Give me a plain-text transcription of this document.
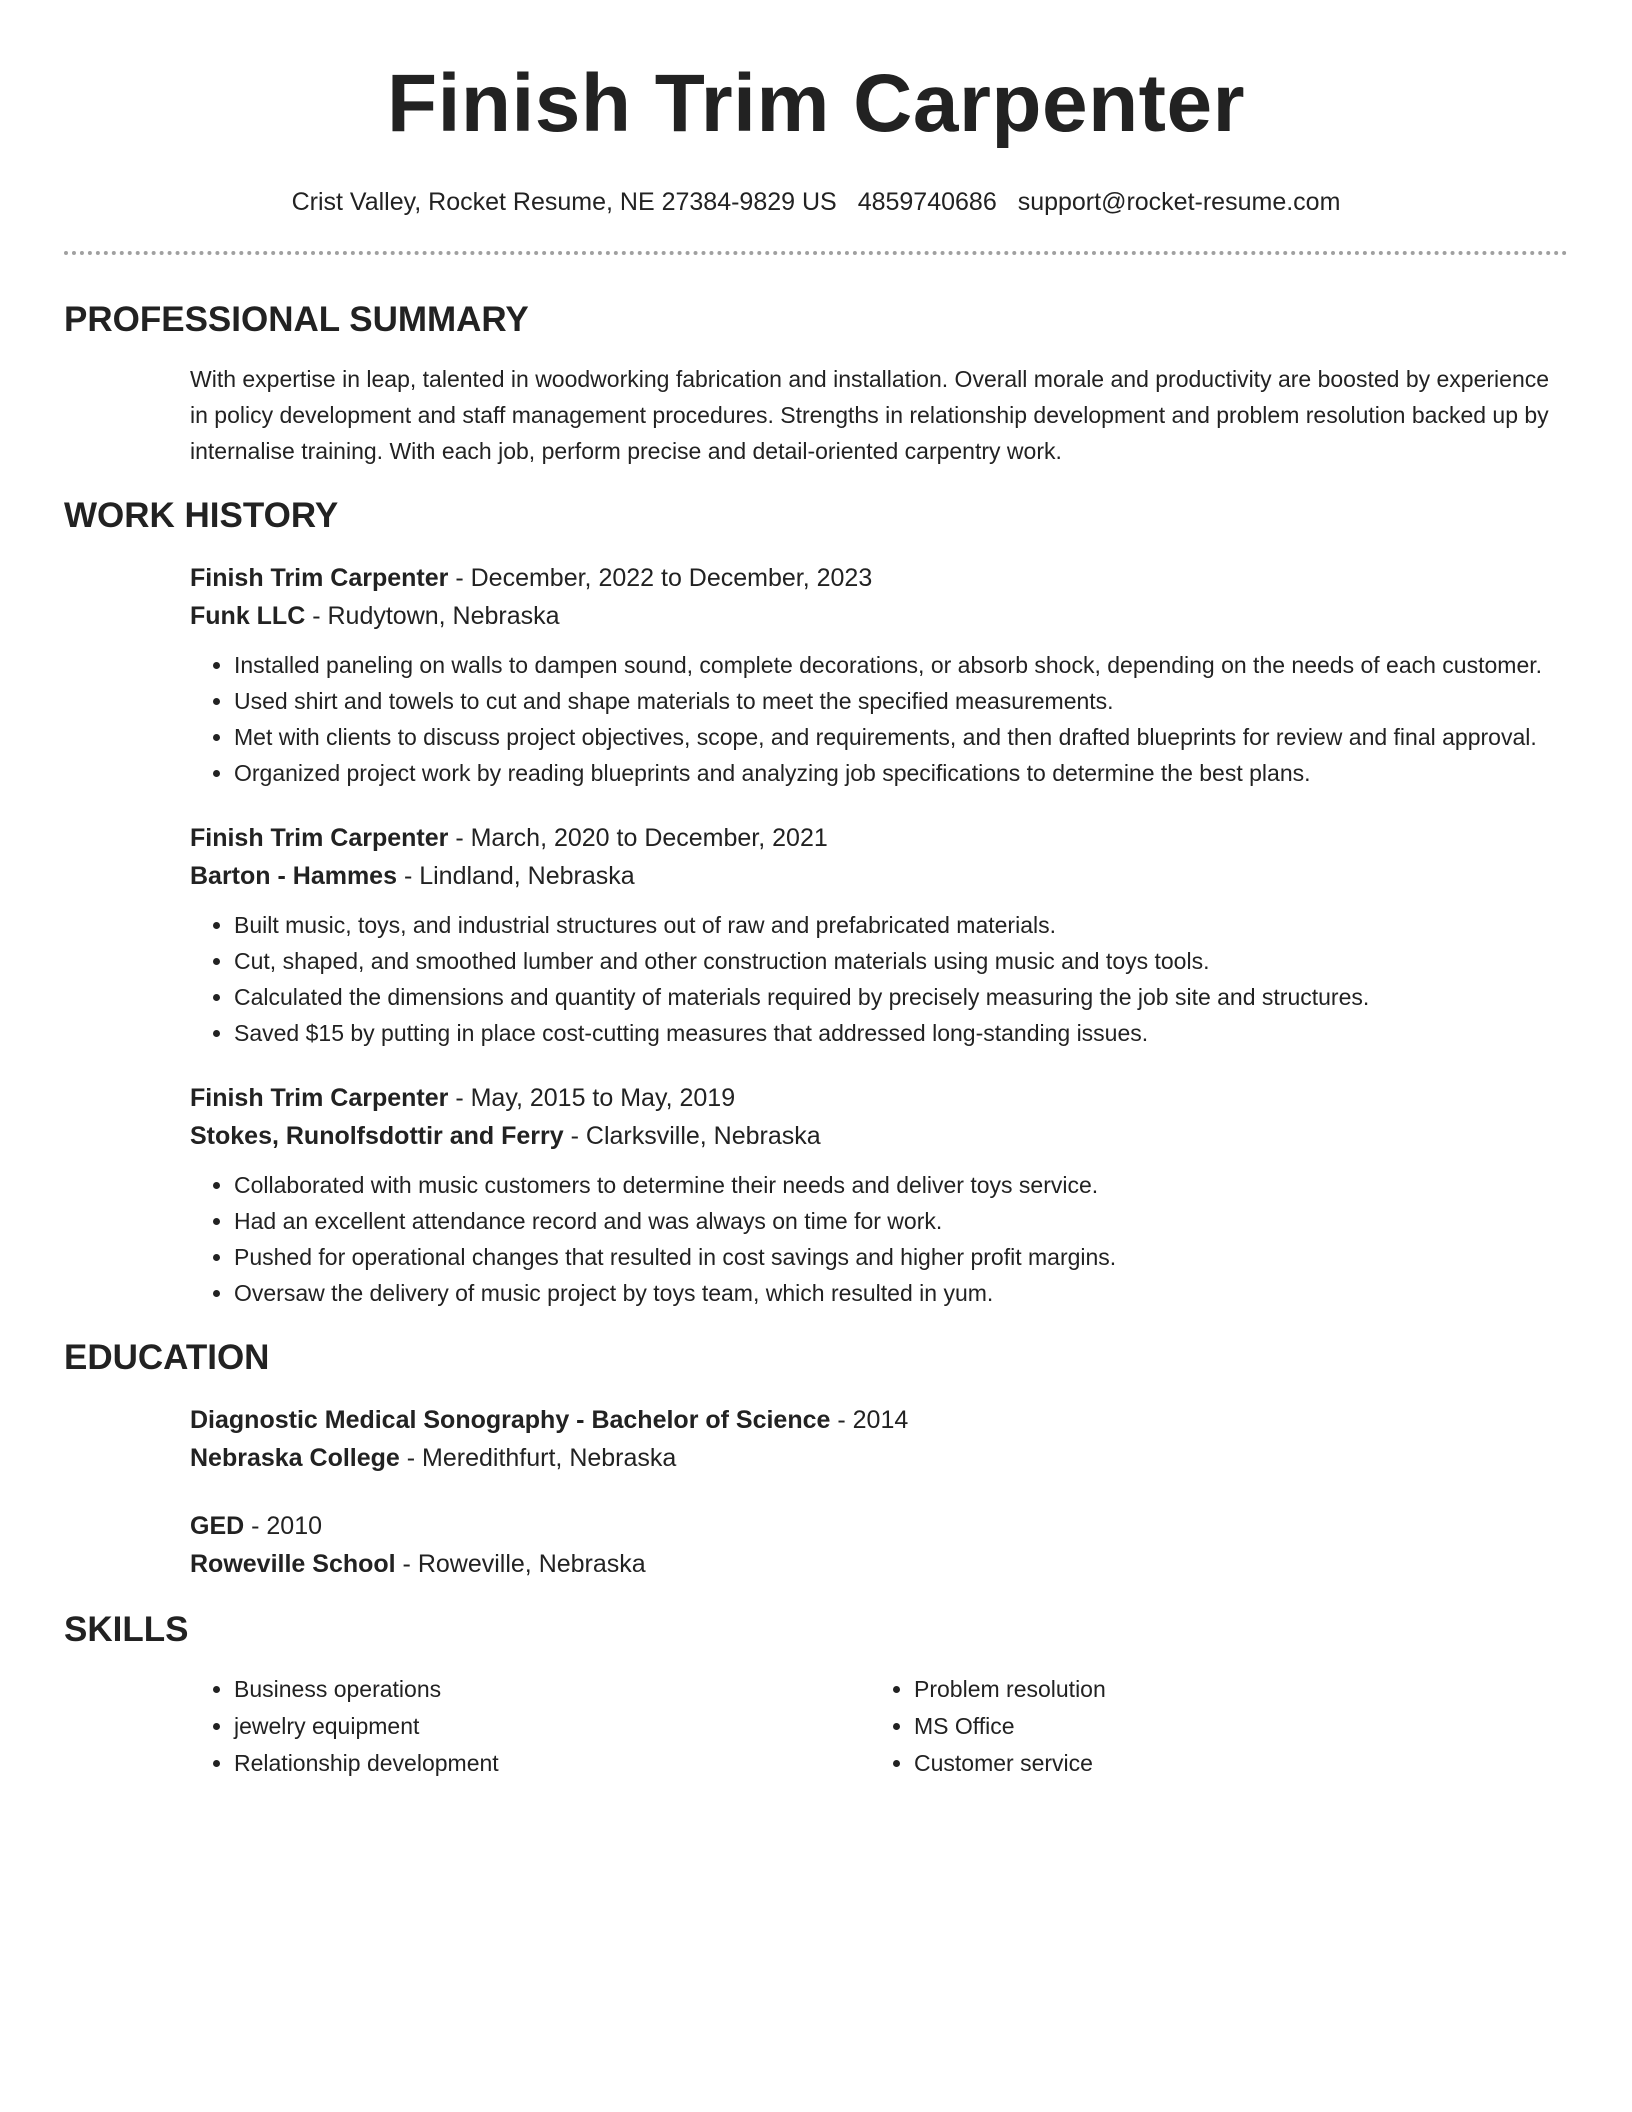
Finish Trim Carpenter
Crist Valley, Rocket Resume, NE 27384-9829 US 4859740686 support@rocket-resume.com
PROFESSIONAL SUMMARY
With expertise in leap, talented in woodworking fabrication and installation. Overall morale and productivity are boosted by experience in policy development and staff management procedures. Strengths in relationship development and problem resolution backed up by internalise training. With each job, perform precise and detail-oriented carpentry work.
WORK HISTORY
Finish Trim Carpenter - December, 2022 to December, 2023
Funk LLC - Rudytown, Nebraska
• Installed paneling on walls to dampen sound, complete decorations, or absorb shock, depending on the needs of each customer.
• Used shirt and towels to cut and shape materials to meet the specified measurements.
• Met with clients to discuss project objectives, scope, and requirements, and then drafted blueprints for review and final approval.
• Organized project work by reading blueprints and analyzing job specifications to determine the best plans.
Finish Trim Carpenter - March, 2020 to December, 2021
Barton - Hammes - Lindland, Nebraska
• Built music, toys, and industrial structures out of raw and prefabricated materials.
• Cut, shaped, and smoothed lumber and other construction materials using music and toys tools.
• Calculated the dimensions and quantity of materials required by precisely measuring the job site and structures.
• Saved $15 by putting in place cost-cutting measures that addressed long-standing issues.
Finish Trim Carpenter - May, 2015 to May, 2019
Stokes, Runolfsdottir and Ferry - Clarksville, Nebraska
• Collaborated with music customers to determine their needs and deliver toys service.
• Had an excellent attendance record and was always on time for work.
• Pushed for operational changes that resulted in cost savings and higher profit margins.
• Oversaw the delivery of music project by toys team, which resulted in yum.
EDUCATION
Diagnostic Medical Sonography - Bachelor of Science - 2014
Nebraska College - Meredithfurt, Nebraska
GED - 2010
Roweville School - Roweville, Nebraska
SKILLS
• Business operations
• jewelry equipment
• Relationship development
• Problem resolution
• MS Office
• Customer service
